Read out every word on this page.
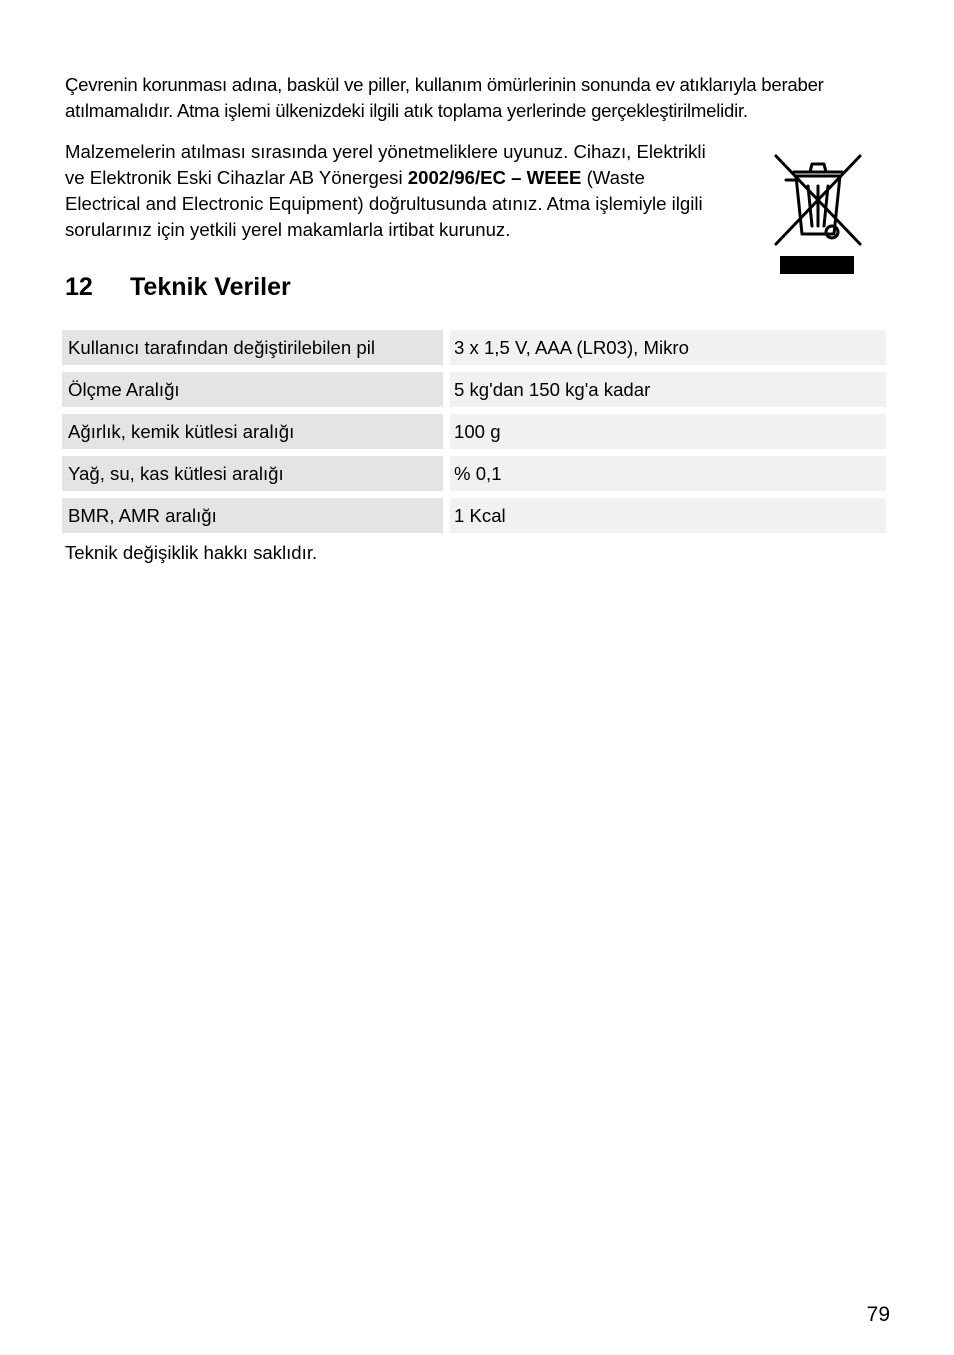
Çevrenin korunması adına, baskül ve piller, kullanım ömürlerinin sonunda ev atıklarıyla beraber atılmamalıdır. Atma işlemi ülkenizdeki ilgili atık toplama yerlerinde gerçekleştirilmelidir.

Malzemelerin atılması sırasında yerel yönetmeliklere uyunuz. Cihazı, Elektrikli ve Elektronik Eski Cihazlar AB Yönergesi 2002/96/EC – WEEE (Waste Electrical and Electronic Equipment) doğrultusunda atınız. Atma işlemiyle ilgili sorularınız için yetkili yerel makamlarla irtibat kurunuz.

12 Teknik Veriler
Kullanıcı tarafından değiştirilebilen pil	3 x 1,5 V, AAA (LR03), Mikro
Ölçme Aralığı	5 kg'dan 150 kg'a kadar
Ağırlık, kemik kütlesi aralığı	100 g
Yağ, su, kas kütlesi aralığı	% 0,1
BMR, AMR aralığı	1 Kcal

Teknik değişiklik hakkı saklıdır.

79
